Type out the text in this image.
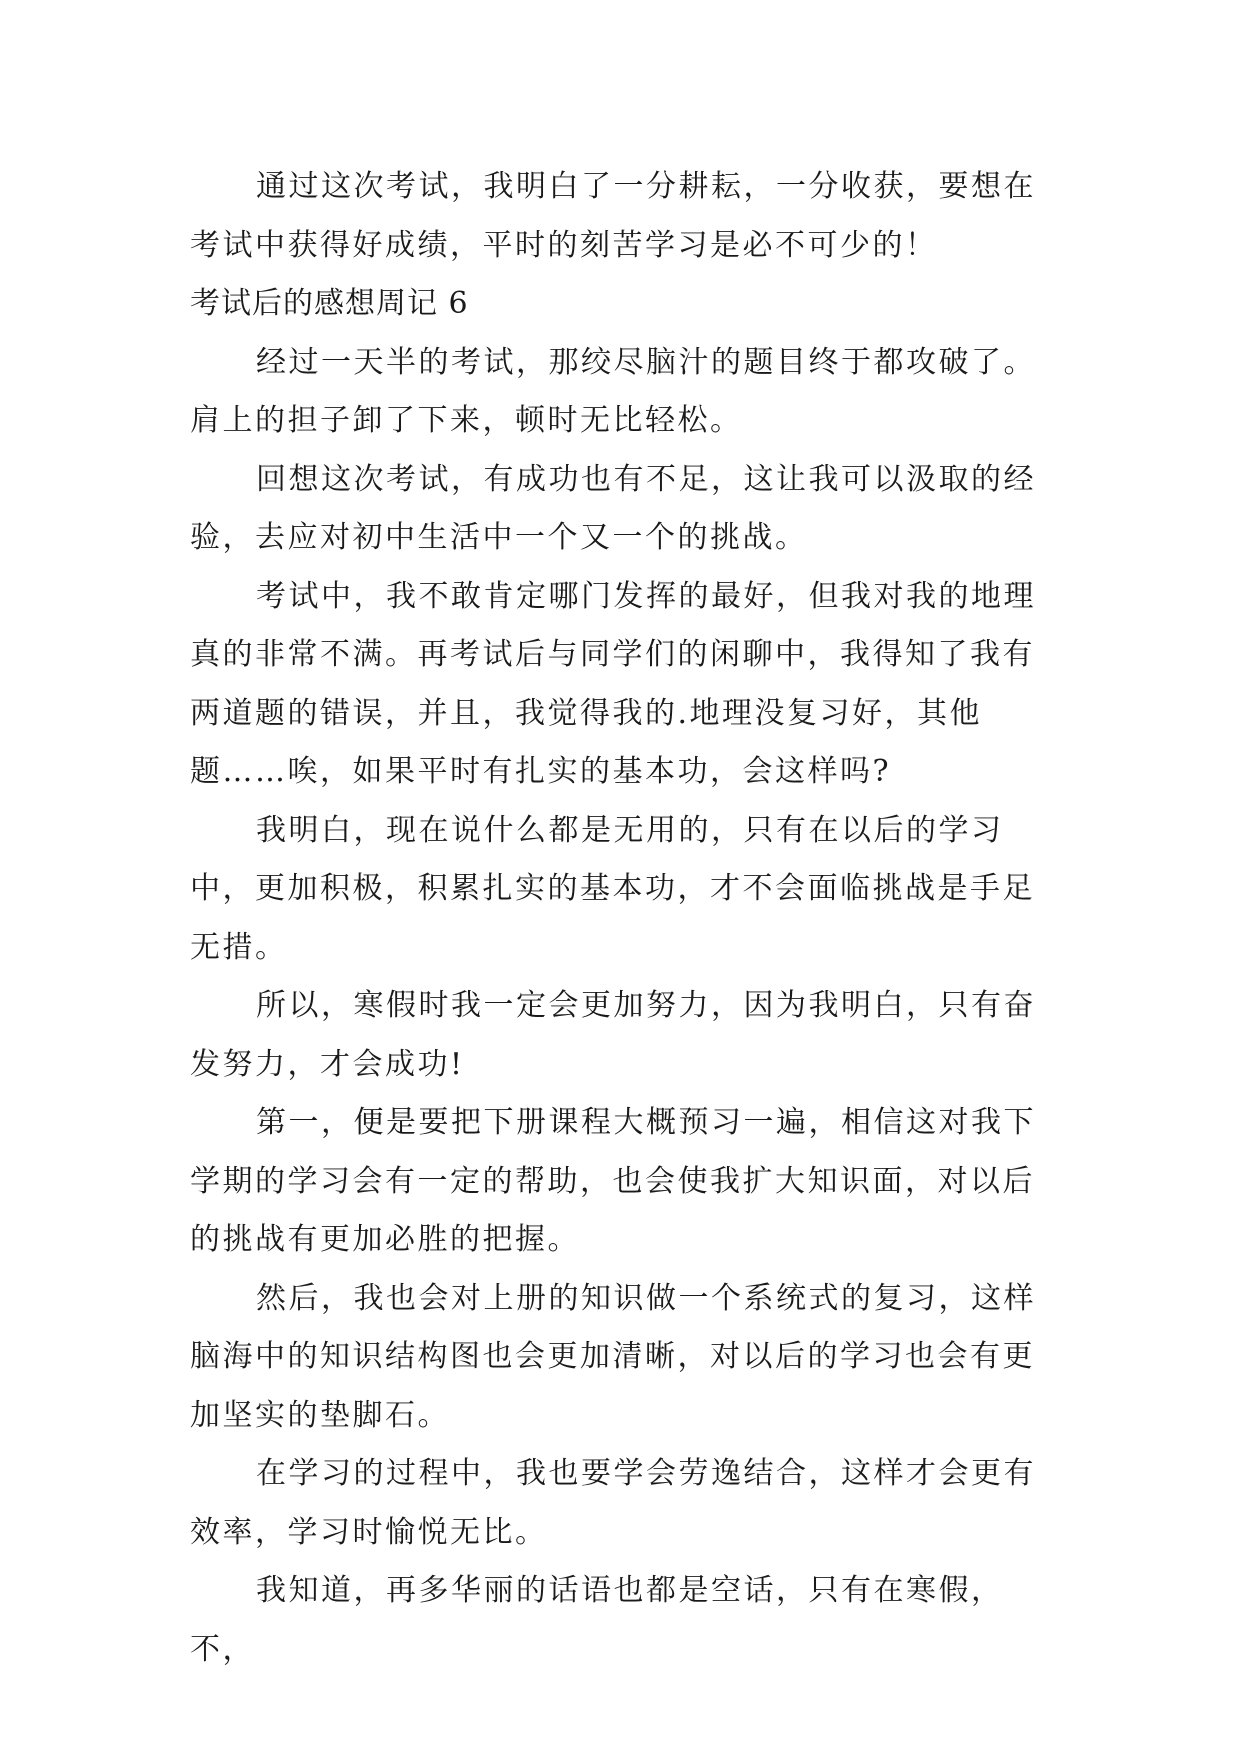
通过这次考试，我明白了一分耕耘，一分收获，要想在考试中获得好成绩，平时的刻苦学习是必不可少的！

考试后的感想周记 6

经过一天半的考试，那绞尽脑汁的题目终于都攻破了。肩上的担子卸了下来，顿时无比轻松。

回想这次考试，有成功也有不足，这让我可以汲取的经验，去应对初中生活中一个又一个的挑战。

考试中，我不敢肯定哪门发挥的最好，但我对我的地理真的非常不满。再考试后与同学们的闲聊中，我得知了我有两道题的错误，并且，我觉得我的.地理没复习好，其他题……唉，如果平时有扎实的基本功，会这样吗?

我明白，现在说什么都是无用的，只有在以后的学习中，更加积极，积累扎实的基本功，才不会面临挑战是手足无措。

所以，寒假时我一定会更加努力，因为我明白，只有奋发努力，才会成功!

第一，便是要把下册课程大概预习一遍，相信这对我下学期的学习会有一定的帮助，也会使我扩大知识面，对以后的挑战有更加必胜的把握。

然后，我也会对上册的知识做一个系统式的复习，这样脑海中的知识结构图也会更加清晰，对以后的学习也会有更加坚实的垫脚石。

在学习的过程中，我也要学会劳逸结合，这样才会更有效率，学习时愉悦无比。

我知道，再多华丽的话语也都是空话，只有在寒假，不，
